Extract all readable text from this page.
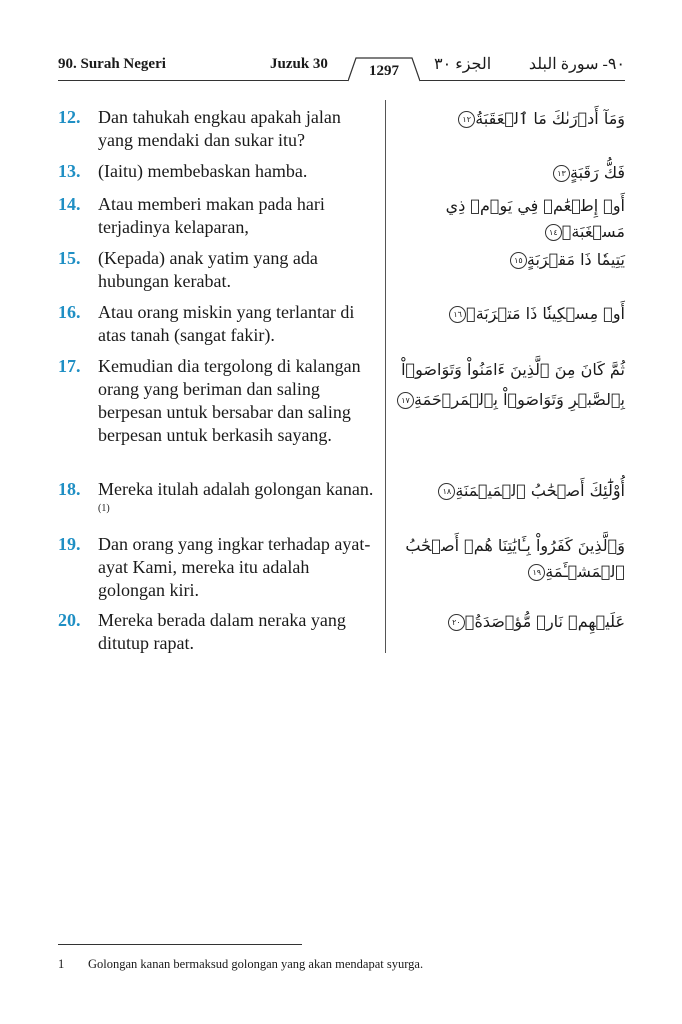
90. Surah Negeri	Juzuk 30	الجزء ٣٠ ٩٠- سورة البلد
1297
12. Dan tahukah engkau apakah jalan yang mendaki dan sukar itu?
وَمَآ أَدۡرَىٰكَ مَا ٱلۡعَقَبَةُ١٢
13. (Iaitu) membebaskan hamba.	فَكُّ رَقَبَةٍ١٣
14. Atau memberi makan pada hari terjadinya kelaparan,
أَوۡ إِطۡعَٰمٞ فِي يَوۡمٖ ذِي مَسۡغَبَةٖ١٤
15. (Kepada) anak yatim yang ada hubungan kerabat.
يَتِيمٗا ذَا مَقۡرَبَةٍ١٥
16. Atau orang miskin yang terlantar di atas tanah (sangat fakir).
أَوۡ مِسۡكِينٗا ذَا مَتۡرَبَةٖ١٦
17. Kemudian dia tergolong di kalangan orang yang beriman dan saling berpesan untuk bersabar dan saling berpesan untuk berkasih sayang.
ثُمَّ كَانَ مِنَ ٱلَّذِينَ ءَامَنُواْ وَتَوَاصَوۡاْ بِٱلصَّبۡرِ وَتَوَاصَوۡاْ بِٱلۡمَرۡحَمَةِ١٧
18. Mereka itulah adalah golongan kanan.$^{(1)}$
أُوْلَٰٓئِكَ أَصۡحَٰبُ ٱلۡمَيۡمَنَةِ١٨
19. Dan orang yang ingkar terhadap ayat-ayat Kami, mereka itu adalah golongan kiri.
وَٱلَّذِينَ كَفَرُواْ بِـَٔايَٰتِنَا هُمۡ أَصۡحَٰبُ ٱلۡمَشۡـَٔمَةِ١٩
20. Mereka berada dalam neraka yang ditutup rapat.
عَلَيۡهِمۡ نَارٞ مُّؤۡصَدَةُۢ٢٠
1 Golongan kanan bermaksud golongan yang akan mendapat syurga.
